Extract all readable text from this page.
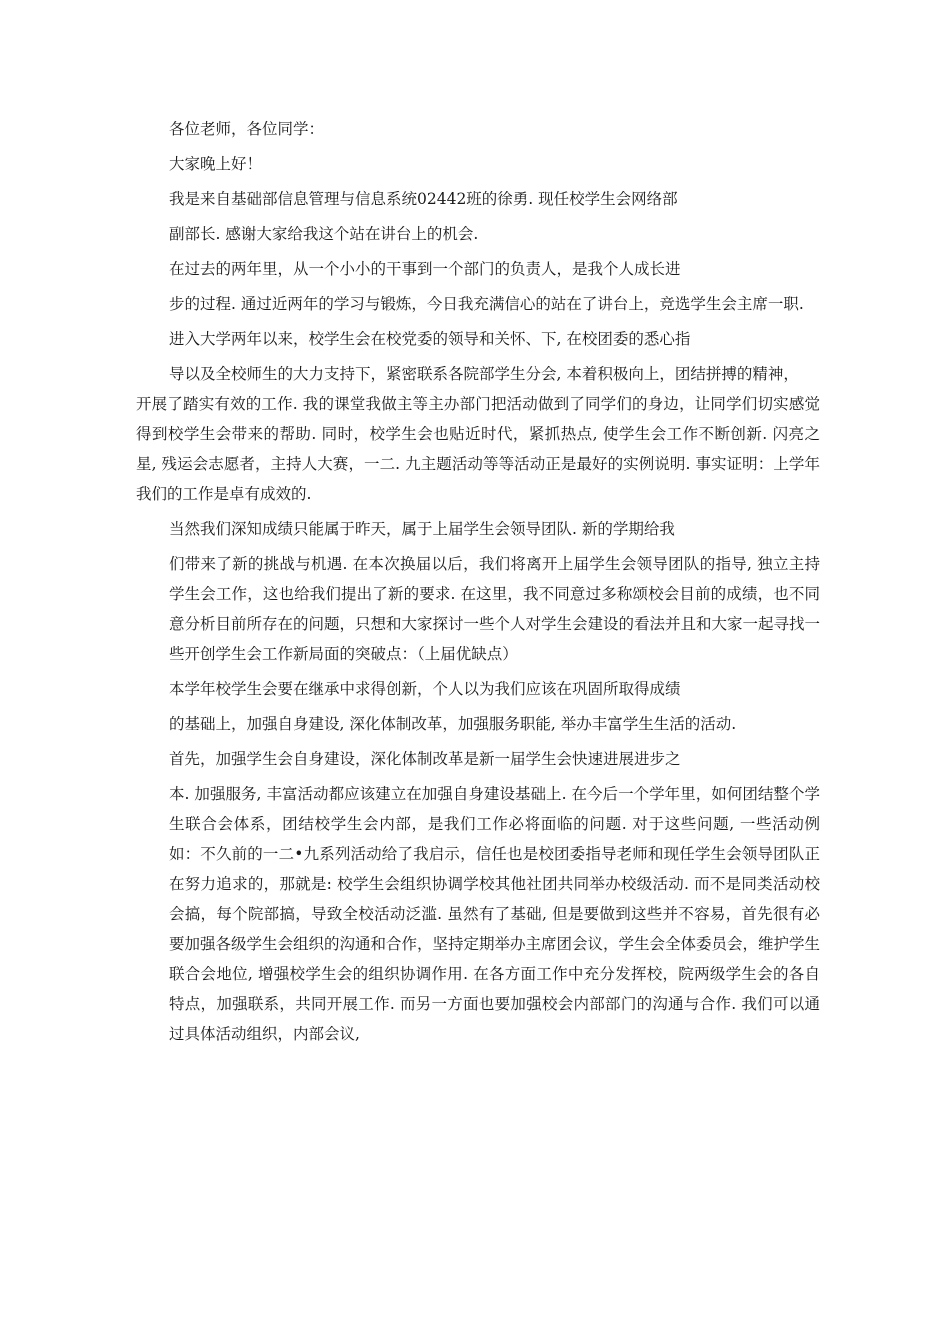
各位老师，各位同学：
大家晚上好！
我是来自基础部信息管理与信息系统02442班的徐勇. 现任校学生会网络部
副部长. 感谢大家给我这个站在讲台上的机会.
在过去的两年里，从一个小小的干事到一个部门的负责人，是我个人成长进
步的过程. 通过近两年的学习与锻炼，今日我充满信心的站在了讲台上，竞选学生会主席一职.
进入大学两年以来，校学生会在校党委的领导和关怀、下, 在校团委的悉心指
导以及全校师生的大力支持下，紧密联系各院部学生分会, 本着积极向上，团结拼搏的精神，
开展了踏实有效的工作. 我的课堂我做主等主办部门把活动做到了同学们的身边，让同学们切实感觉得到校学生会带来的帮助. 同时，校学生会也贴近时代，紧抓热点, 使学生会工作不断创新. 闪亮之星, 残运会志愿者，主持人大赛，一二. 九主题活动等等活动正是最好的实例说明. 事实证明：上学年我们的工作是卓有成效的.
当然我们深知成绩只能属于昨天，属于上届学生会领导团队. 新的学期给我
们带来了新的挑战与机遇. 在本次换届以后，我们将离开上届学生会领导团队的指导, 独立主持学生会工作，这也给我们提出了新的要求. 在这里，我不同意过多称颂校会目前的成绩，也不同意分析目前所存在的问题，只想和大家探讨一些个人对学生会建设的看法并且和大家一起寻找一些开创学生会工作新局面的突破点：（上届优缺点）
本学年校学生会要在继承中求得创新，个人以为我们应该在巩固所取得成绩
的基础上，加强自身建设, 深化体制改革，加强服务职能, 举办丰富学生生活的活动.
首先，加强学生会自身建设，深化体制改革是新一届学生会快速进展进步之
本. 加强服务, 丰富活动都应该建立在加强自身建设基础上. 在今后一个学年里，如何团结整个学生联合会体系，团结校学生会内部，是我们工作必将面临的问题. 对于这些问题, 一些活动例如：不久前的一二•九系列活动给了我启示，信任也是校团委指导老师和现任学生会领导团队正在努力追求的，那就是: 校学生会组织协调学校其他社团共同举办校级活动. 而不是同类活动校会搞，每个院部搞，导致全校活动泛滥. 虽然有了基础, 但是要做到这些并不容易，首先很有必要加强各级学生会组织的沟通和合作，坚持定期举办主席团会议，学生会全体委员会，维护学生联合会地位, 增强校学生会的组织协调作用. 在各方面工作中充分发挥校，院两级学生会的各自特点，加强联系，共同开展工作. 而另一方面也要加强校会内部部门的沟通与合作. 我们可以通过具体活动组织，内部会议,
